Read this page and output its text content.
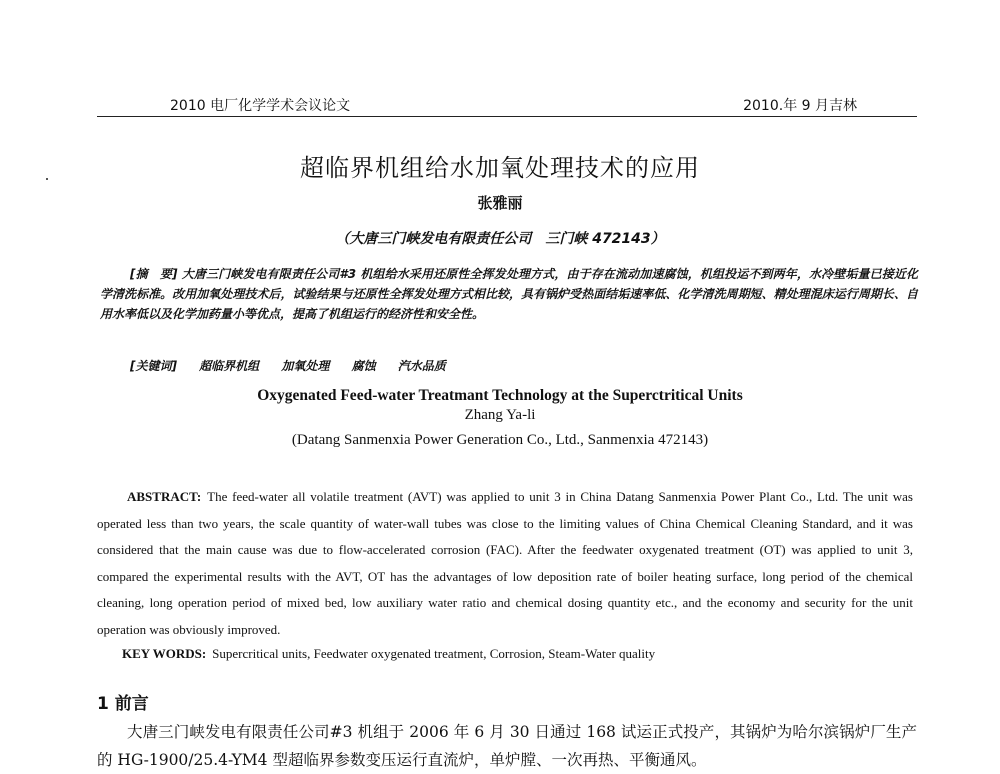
2010 电厂化学学术会议论文	2010.年 9 月吉林
超临界机组给水加氧处理技术的应用
张雅丽
（大唐三门峡发电有限责任公司　三门峡 472143）
[摘　要] 大唐三门峡发电有限责任公司#3 机组给水采用还原性全挥发处理方式，由于存在流动加速腐蚀，机组投运不到两年，水冷壁垢量已接近化学清洗标准。改用加氧处理技术后，试验结果与还原性全挥发处理方式相比较，具有锅炉受热面结垢速率低、化学清洗周期短、精处理混床运行周期长、自用水率低以及化学加药量小等优点，提高了机组运行的经济性和安全性。
[关键词] 超临界机组 加氧处理 腐蚀 汽水品质
Oxygenated Feed-water Treatmant Technology at the Superctritical Units
Zhang Ya-li
(Datang Sanmenxia Power Generation Co., Ltd., Sanmenxia 472143)
ABSTRACT: The feed-water all volatile treatment (AVT) was applied to unit 3 in China Datang Sanmenxia Power Plant Co., Ltd. The unit was operated less than two years, the scale quantity of water-wall tubes was close to the limiting values of China Chemical Cleaning Standard, and it was considered that the main cause was due to flow-accelerated corrosion (FAC). After the feedwater oxygenated treatment (OT) was applied to unit 3, compared the experimental results with the AVT, OT has the advantages of low deposition rate of boiler heating surface, long period of the chemical cleaning, long operation period of mixed bed, low auxiliary water ratio and chemical dosing quantity etc., and the economy and security for the unit operation was obviously improved.
KEY WORDS: Supercritical units, Feedwater oxygenated treatment, Corrosion, Steam-Water quality
1 前言
大唐三门峡发电有限责任公司#3 机组于 2006 年 6 月 30 日通过 168 试运正式投产，其锅炉为哈尔滨锅炉厂生产的 HG-1900/25.4-YM4 型超临界参数变压运行直流炉，单炉膛、一次再热、平衡通风。
